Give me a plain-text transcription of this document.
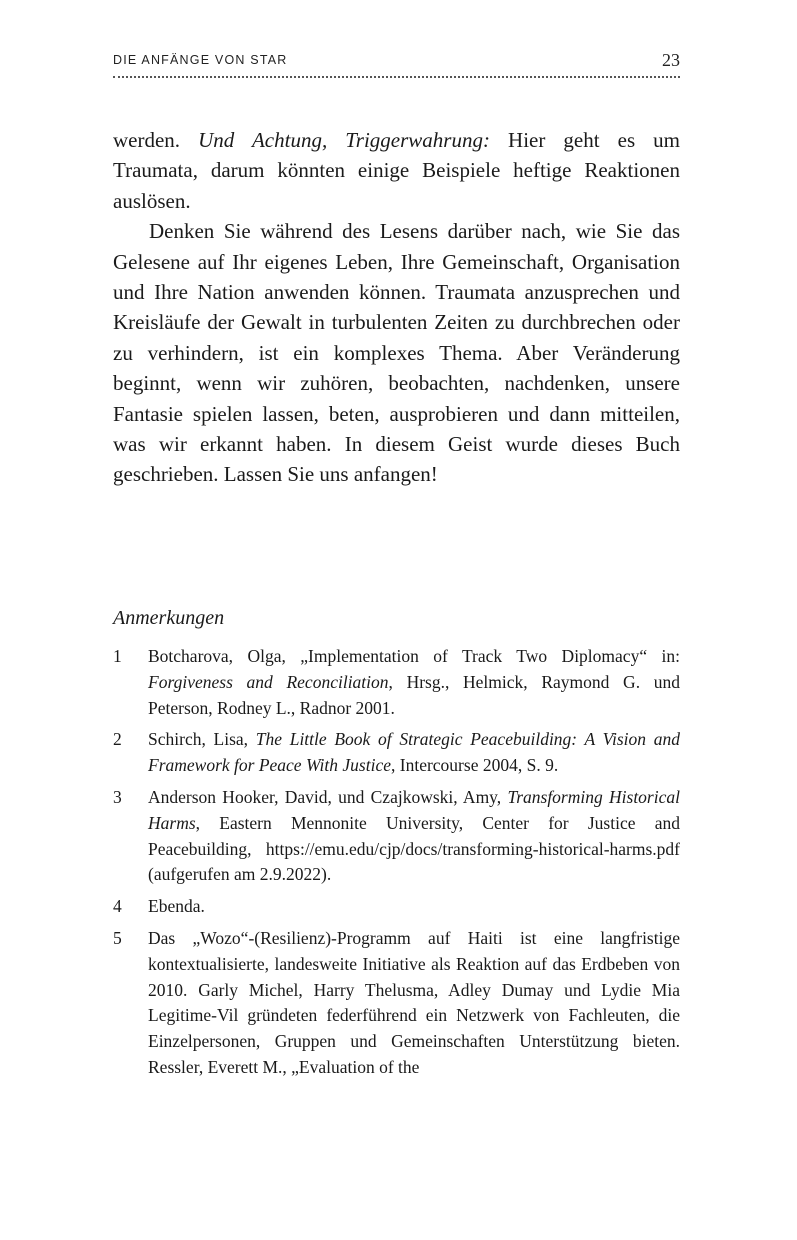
DIE ANFÄNGE VON STAR	23

werden. Und Achtung, Triggerwahrung: Hier geht es um Traumata, darum könnten einige Beispiele heftige Reaktionen auslösen.

Denken Sie während des Lesens darüber nach, wie Sie das Gelesene auf Ihr eigenes Leben, Ihre Gemeinschaft, Organisation und Ihre Nation anwenden können. Traumata anzusprechen und Kreisläufe der Gewalt in turbulenten Zeiten zu durchbrechen oder zu verhindern, ist ein komplexes Thema. Aber Veränderung beginnt, wenn wir zuhören, beobachten, nachdenken, unsere Fantasie spielen lassen, beten, ausprobieren und dann mitteilen, was wir erkannt haben. In diesem Geist wurde dieses Buch geschrieben. Lassen Sie uns anfangen!

Anmerkungen
1	Botcharova, Olga, „Implementation of Track Two Diplomacy“ in: Forgiveness and Reconciliation, Hrsg., Helmick, Raymond G. und Peterson, Rodney L., Radnor 2001.
2	Schirch, Lisa, The Little Book of Strategic Peacebuilding: A Vision and Framework for Peace With Justice, Intercourse 2004, S. 9.
3	Anderson Hooker, David, und Czajkowski, Amy, Transforming Historical Harms, Eastern Mennonite University, Center for Justice and Peacebuilding, https://emu.edu/cjp/docs/transforming-historical-harms.pdf (aufgerufen am 2.9.2022).
4	Ebenda.
5	Das „Wozo“-(Resilienz)-Programm auf Haiti ist eine langfristige kontextualisierte, landesweite Initiative als Reaktion auf das Erdbeben von 2010. Garly Michel, Harry Thelusma, Adley Dumay und Lydie Mia Legitime-Vil gründeten federführend ein Netzwerk von Fachleuten, die Einzelpersonen, Gruppen und Gemeinschaften Unterstützung bieten. Ressler, Everett M., „Evaluation of the
